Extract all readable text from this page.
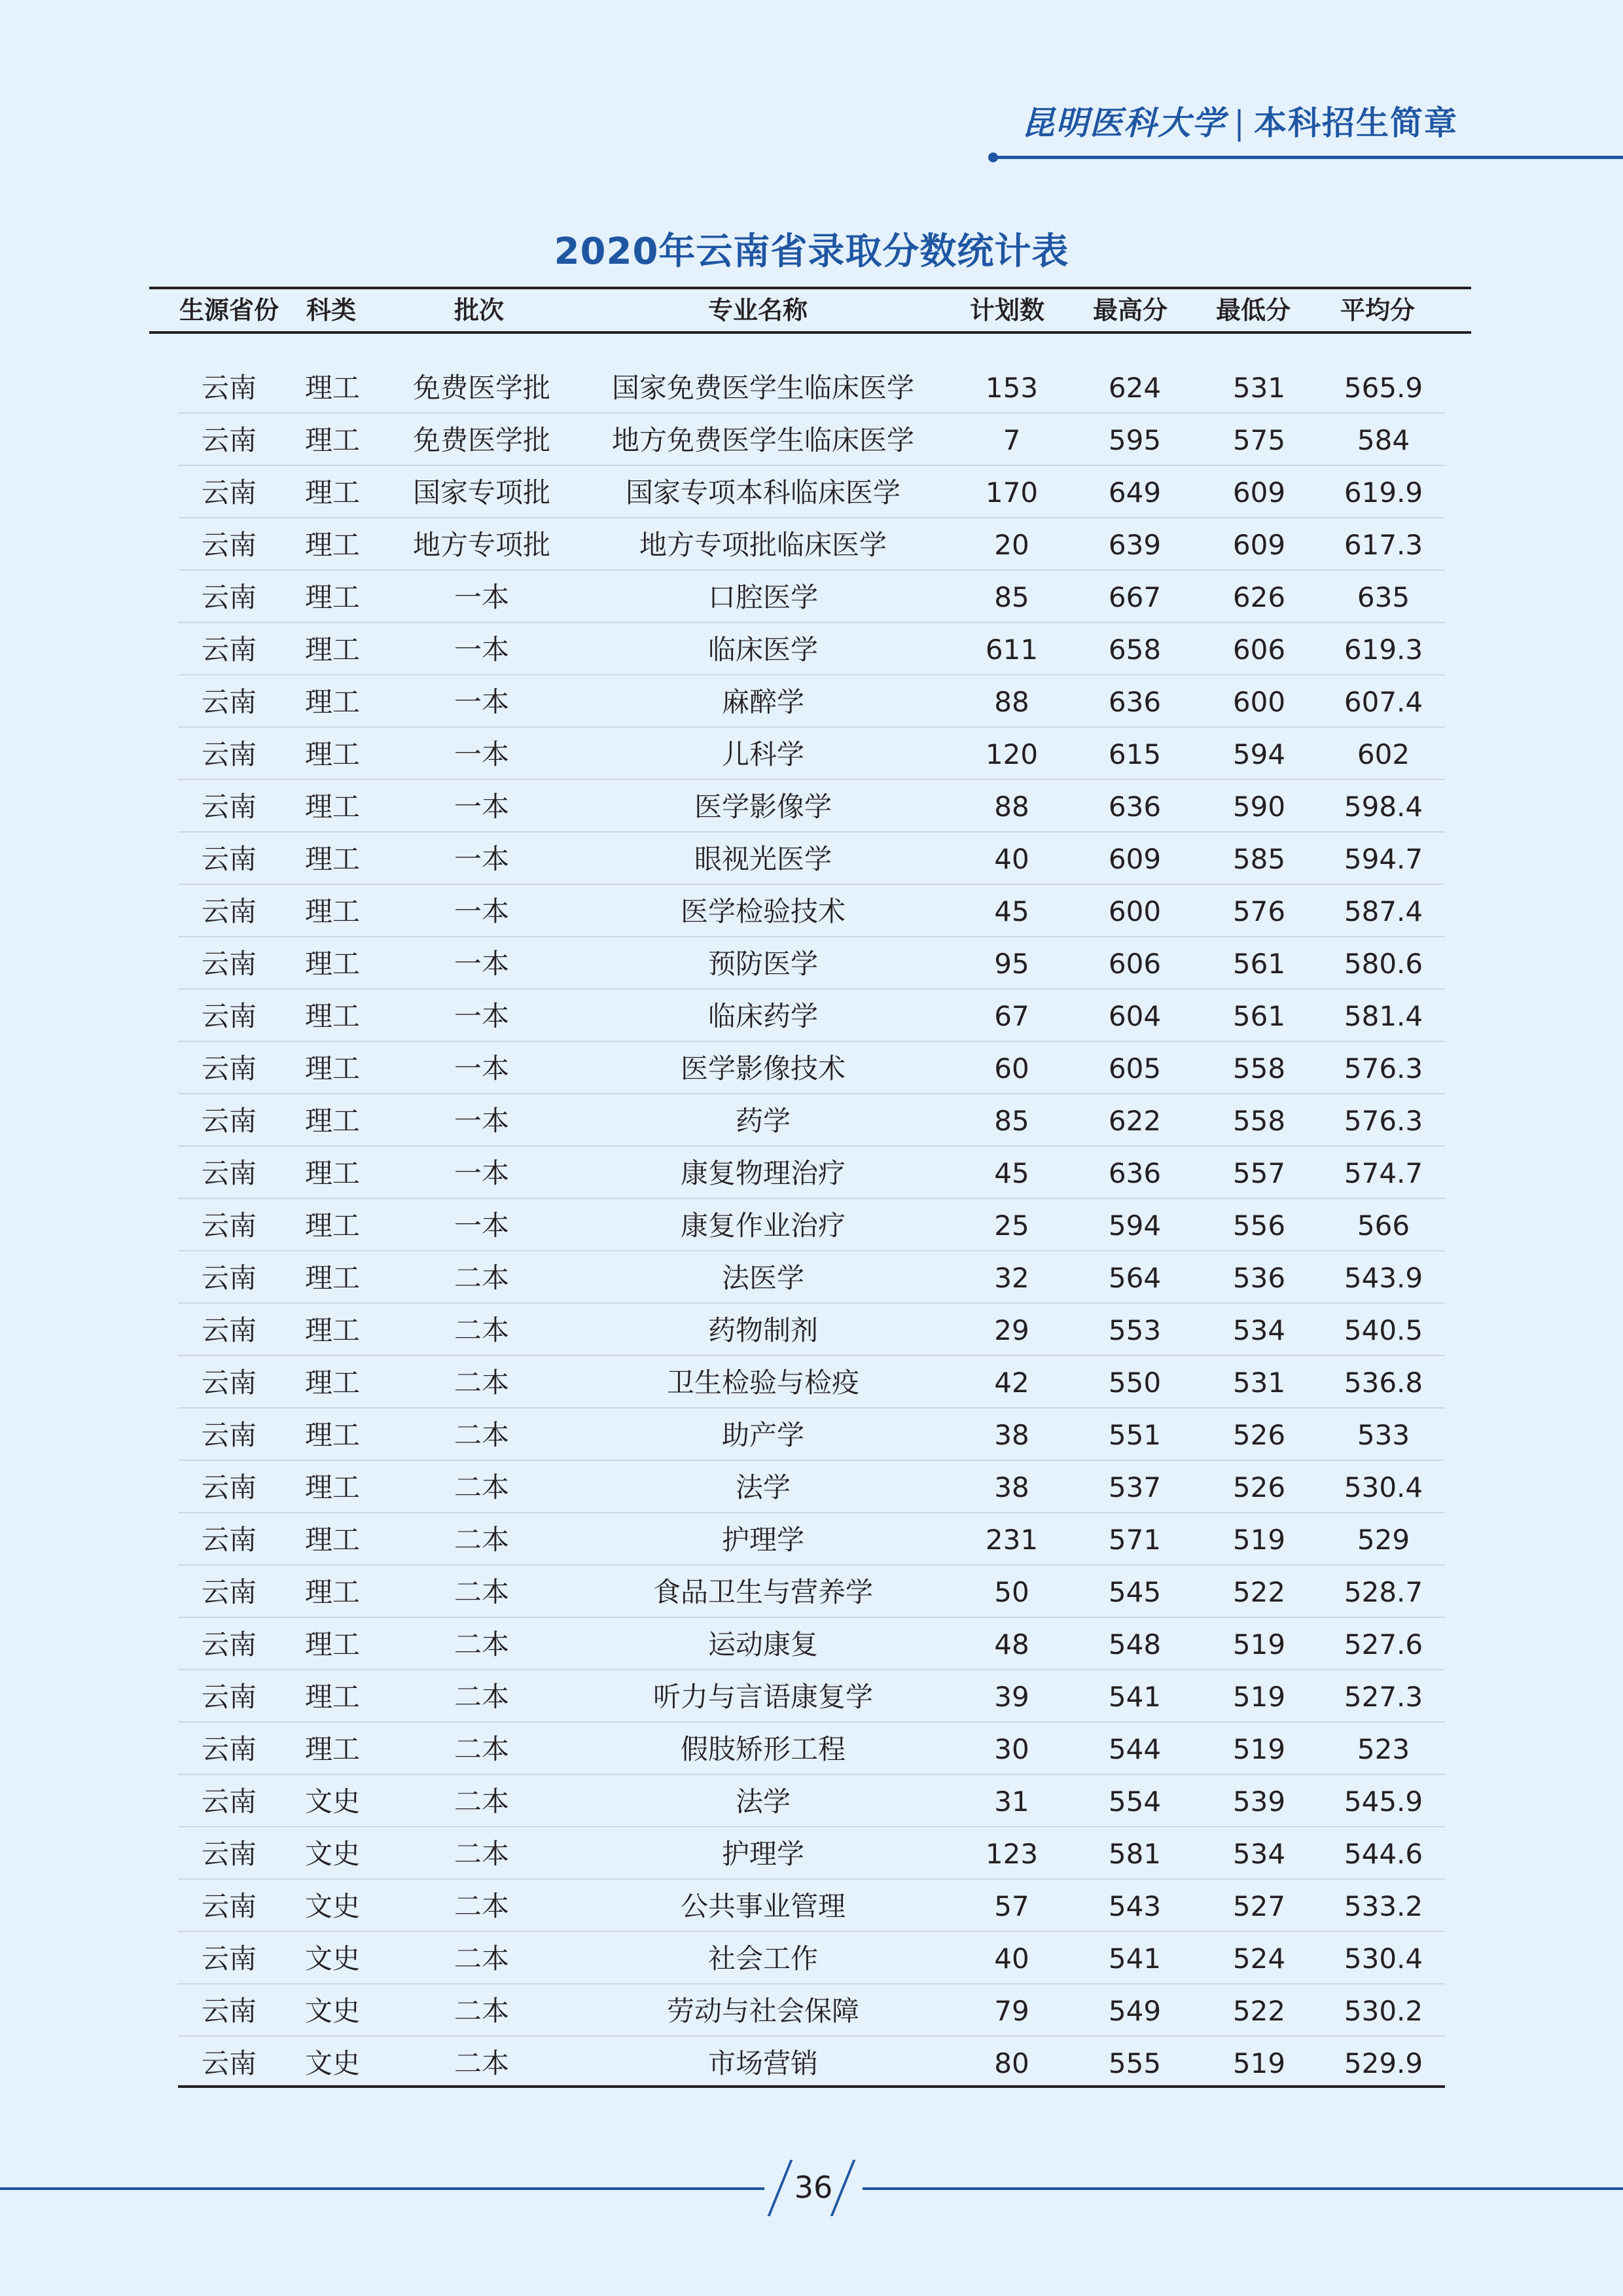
昆明医科大学 | 本科招生简章
2020年云南省录取分数统计表
生源省份 科类	批次	专业名称	计划数 最高分 最低分 平均分
云南 理工 免费医学批 国家免费医学生临床医学	153	624	531 565.9
云南 理工 免费医学批 地方免费医学生临床医学	7	595	575	584
云南 理工 国家专项批	国家专项本科临床医学	170	649	609 619.9
云南 理工 地方专项批	地方专项批临床医学	20	639	609 617.3
云南 理工	一本	口腔医学	85	667	626	635
云南 理工	一本	临床医学	611	658	606 619.3
云南 理工	一本	麻醉学	88	636	600 607.4
云南 理工	一本	儿科学	120	615	594	602
云南 理工	一本	医学影像学	88	636	590 598.4
云南 理工	一本	眼视光医学	40	609	585 594.7
云南 理工	一本	医学检验技术	45	600	576 587.4
云南 理工	一本	预防医学	95	606	561 580.6
云南 理工	一本	临床药学	67	604	561 581.4
云南 理工	一本	医学影像技术	60	605	558 576.3
云南 理工	一本	药学	85	622	558 576.3
云南 理工	一本	康复物理治疗	45	636	557 574.7
云南 理工	一本	康复作业治疗	25	594	556	566
云南 理工	二本	法医学	32	564	536 543.9
云南 理工	二本	药物制剂	29	553	534 540.5
云南 理工	二本	卫生检验与检疫	42	550	531 536.8
云南 理工	二本	助产学	38	551	526	533
云南 理工	二本	法学	38	537	526 530.4
云南 理工	二本	护理学	231	571	519	529
云南 理工	二本	食品卫生与营养学	50	545	522 528.7
云南 理工	二本	运动康复	48	548	519 527.6
云南 理工	二本	听力与言语康复学	39	541	519 527.3
云南 理工	二本	假肢矫形工程	30	544	519	523
云南 文史	二本	法学	31	554	539 545.9
云南 文史	二本	护理学	123	581	534 544.6
云南 文史	二本	公共事业管理	57	543	527 533.2
云南 文史	二本	社会工作	40	541	524 530.4
云南 文史	二本	劳动与社会保障	79	549	522 530.2
云南 文史	二本	市场营销	80	555	519 529.9
36
